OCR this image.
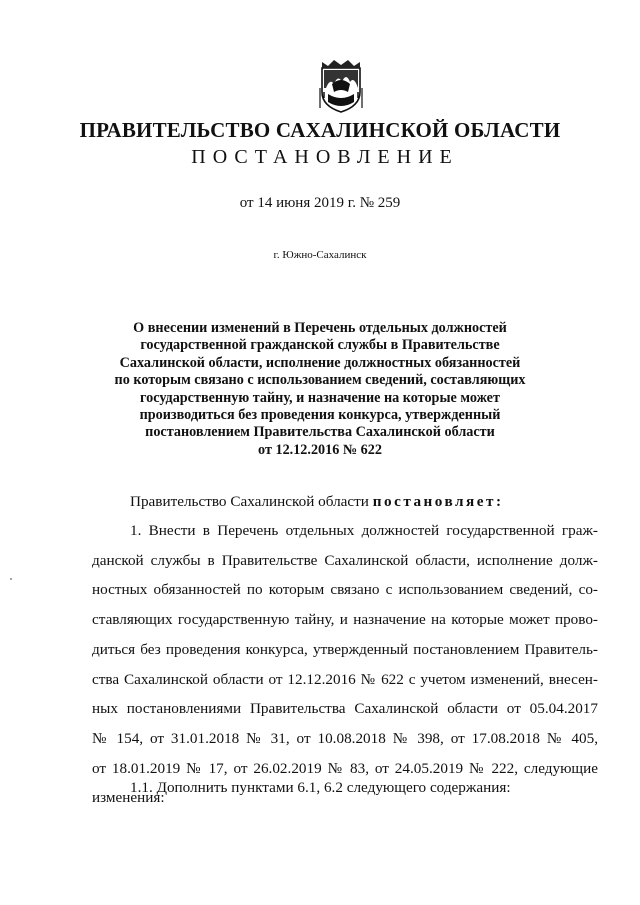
ПРАВИТЕЛЬСТВО САХАЛИНСКОЙ ОБЛАСТИ
ПОСТАНОВЛЕНИЕ
от 14 июня 2019 г. № 259
г. Южно-Сахалинск
О внесении изменений в Перечень отдельных должностей
государственной гражданской службы в Правительстве
Сахалинской области, исполнение должностных обязанностей
по которым связано с использованием сведений, составляющих
государственную тайну, и назначение на которые может
производиться без проведения конкурса, утвержденный
постановлением Правительства Сахалинской области
от 12.12.2016 № 622
Правительство Сахалинской области постановляет:
1. Внести в Перечень отдельных должностей государственной граж-
данской службы в Правительстве Сахалинской области, исполнение долж-
ностных обязанностей по которым связано с использованием сведений, со-
ставляющих государственную тайну, и назначение на которые может прово-
диться без проведения конкурса, утвержденный постановлением Правитель-
ства Сахалинской области от 12.12.2016 № 622 с учетом изменений, внесен-
ных постановлениями Правительства Сахалинской области от 05.04.2017
№ 154, от 31.01.2018 № 31, от 10.08.2018 № 398, от 17.08.2018 № 405,
от 18.01.2019 № 17, от 26.02.2019 № 83, от 24.05.2019 № 222, следующие
изменения:
1.1. Дополнить пунктами 6.1, 6.2 следующего содержания:
